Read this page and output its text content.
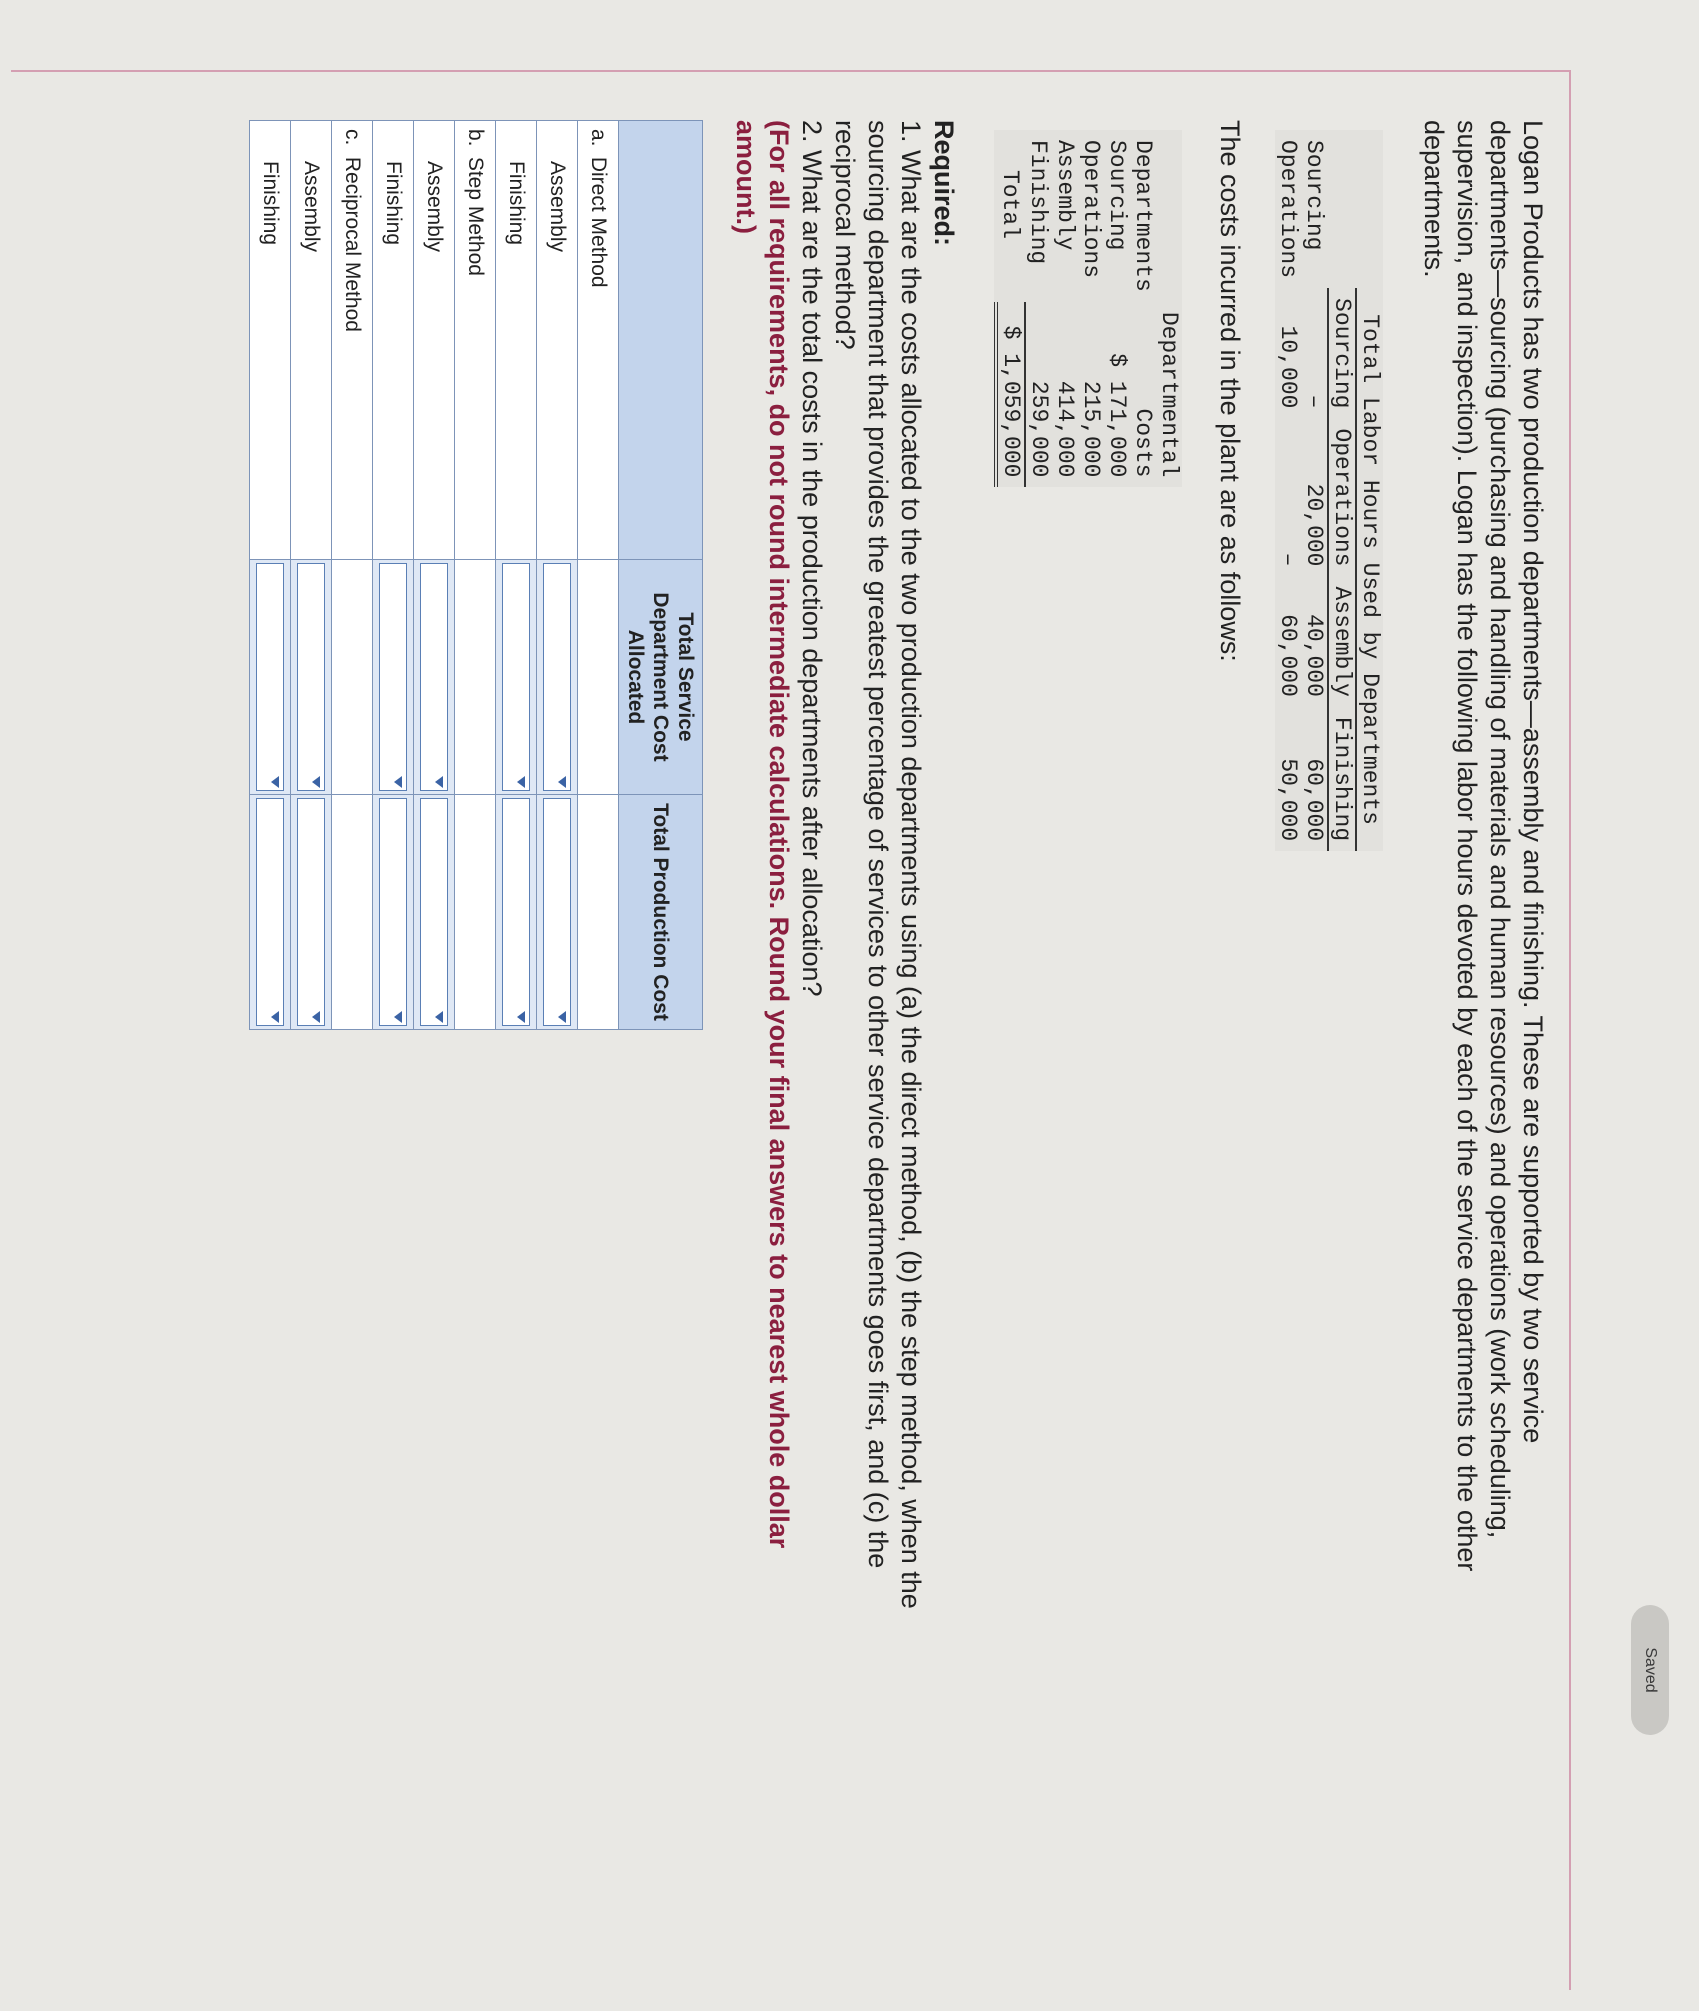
Saved

Logan Products has two production departments—assembly and finishing. These are supported by two service departments—sourcing (purchasing and handling of materials and human resources) and operations (work scheduling, supervision, and inspection). Logan has the following labor hours devoted by each of the service departments to the other departments.

	Total Labor Hours Used by Departments			
	Sourcing	Operations	Assembly	Finishing
Sourcing	–	20,000	40,000	60,000
Operations	10,000	–	60,000	50,000
The costs incurred in the plant are as follows:
	Departmental
Departments	Costs
Sourcing	$ 171,000
Operations	215,000
Assembly	414,000
Finishing	259,000
Total	$ 1,059,000
Required:
1. What are the costs allocated to the two production departments using (a) the direct method, (b) the step method, when the sourcing department that provides the greatest percentage of services to other service departments goes first, and (c) the reciprocal method?
2. What are the total costs in the production departments after allocation?
(For all requirements, do not round intermediate calculations. Round your final answers to nearest whole dollar amount.)
	Total Service Department Cost Allocated	Total Production Cost
a. Direct Method		
Assembly	

Finishing	

b. Step Method		
Assembly	

Finishing	

c. Reciprocal Method		
Assembly	

Finishing	
